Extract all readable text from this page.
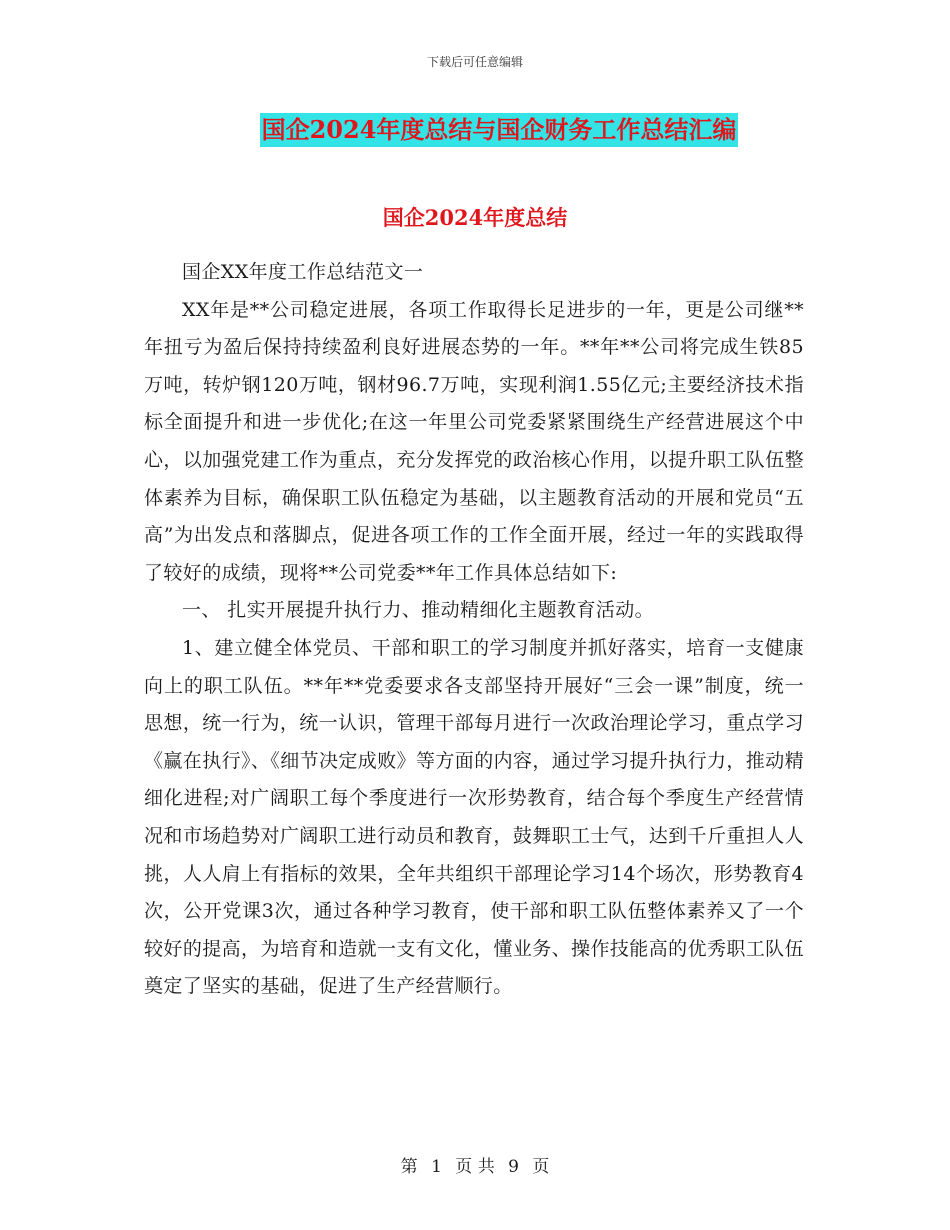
下载后可任意编辑
国企2024年度总结与国企财务工作总结汇编
国企2024年度总结

国企XX年度工作总结范文一

XX年是**公司稳定进展，各项工作取得长足进步的一年，更是公司继**年扭亏为盈后保持持续盈利良好进展态势的一年。**年**公司将完成生铁85万吨，转炉钢120万吨，钢材96.7万吨，实现利润1.55亿元;主要经济技术指标全面提升和进一步优化;在这一年里公司党委紧紧围绕生产经营进展这个中心，以加强党建工作为重点，充分发挥党的政治核心作用，以提升职工队伍整体素养为目标，确保职工队伍稳定为基础，以主题教育活动的开展和党员“五高”为出发点和落脚点，促进各项工作的工作全面开展，经过一年的实践取得了较好的成绩，现将**公司党委**年工作具体总结如下:

一、 扎实开展提升执行力、推动精细化主题教育活动。

1、建立健全体党员、干部和职工的学习制度并抓好落实，培育一支健康向上的职工队伍。**年**党委要求各支部坚持开展好“三会一课”制度，统一思想，统一行为，统一认识，管理干部每月进行一次政治理论学习，重点学习《赢在执行》、《细节决定成败》等方面的内容，通过学习提升执行力，推动精细化进程;对广阔职工每个季度进行一次形势教育，结合每个季度生产经营情况和市场趋势对广阔职工进行动员和教育，鼓舞职工士气，达到千斤重担人人挑，人人肩上有指标的效果，全年共组织干部理论学习14个场次，形势教育4次，公开党课3次，通过各种学习教育，使干部和职工队伍整体素养又了一个较好的提高，为培育和造就一支有文化，懂业务、操作技能高的优秀职工队伍奠定了坚实的基础，促进了生产经营顺行。

第 1 页 共 9 页
